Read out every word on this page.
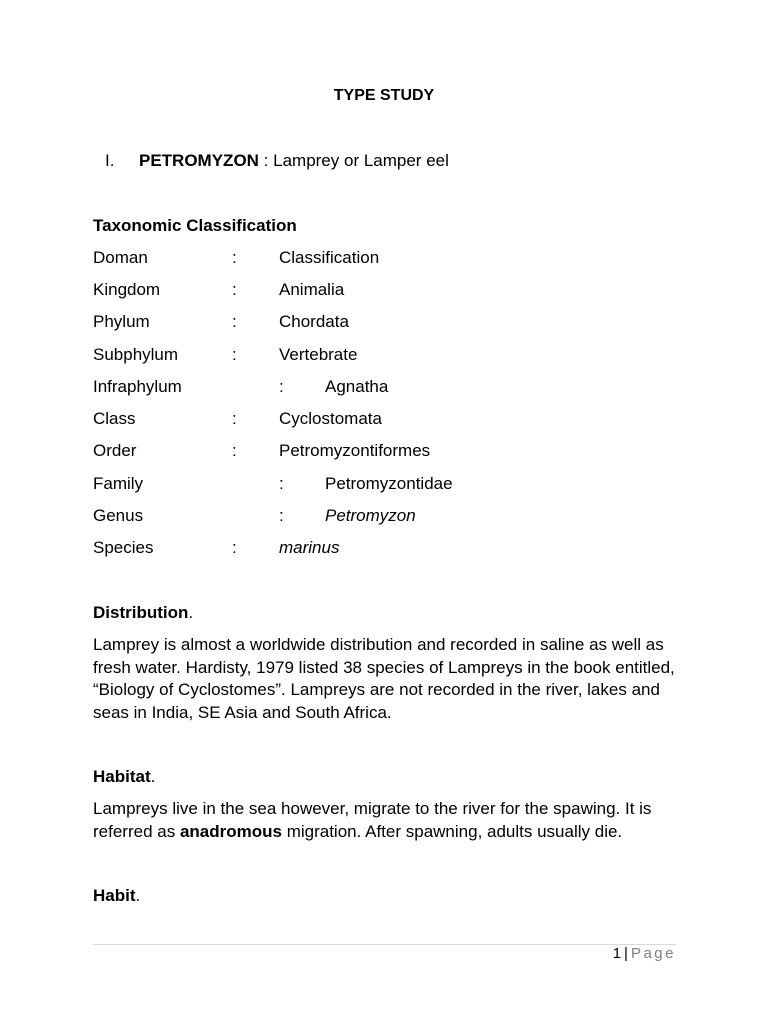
TYPE STUDY
I. PETROMYZON : Lamprey or Lamper eel
Taxonomic Classification
Doman	: Classification
Kingdom	: Animalia
Phylum	: Chordata
Subphylum	: Vertebrate
Infraphylum	: Agnatha
Class	: Cyclostomata
Order	: Petromyzontiformes
Family	: Petromyzontidae
Genus	: Petromyzon
Species	: marinus
Distribution.
Lamprey is almost a worldwide distribution and recorded in saline as well as fresh water. Hardisty, 1979 listed 38 species of Lampreys in the book entitled, “Biology of Cyclostomes”. Lampreys are not recorded in the river, lakes and seas in India, SE Asia and South Africa.
Habitat.
Lampreys live in the sea however, migrate to the river for the spawing. It is referred as anadromous migration. After spawning, adults usually die.
Habit.
1 | Page
